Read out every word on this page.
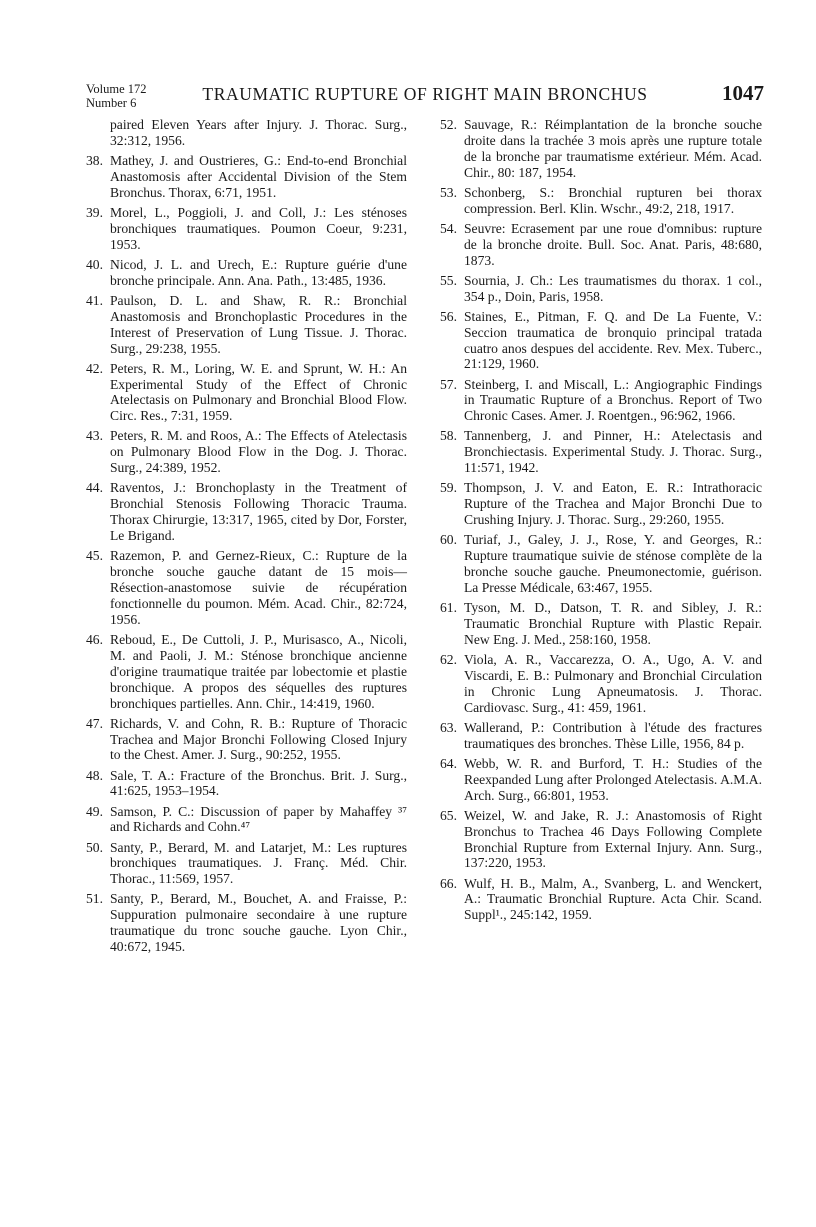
Volume 172
Number 6	TRAUMATIC RUPTURE OF RIGHT MAIN BRONCHUS	1047
paired Eleven Years after Injury. J. Thorac. Surg., 32:312, 1956.
38. Mathey, J. and Oustrieres, G.: End-to-end Bronchial Anastomosis after Accidental Division of the Stem Bronchus. Thorax, 6:71, 1951.
39. Morel, L., Poggioli, J. and Coll, J.: Les sténoses bronchiques traumatiques. Poumon Coeur, 9:231, 1953.
40. Nicod, J. L. and Urech, E.: Rupture guérie d'une bronche principale. Ann. Ana. Path., 13:485, 1936.
41. Paulson, D. L. and Shaw, R. R.: Bronchial Anastomosis and Bronchoplastic Procedures in the Interest of Preservation of Lung Tissue. J. Thorac. Surg., 29:238, 1955.
42. Peters, R. M., Loring, W. E. and Sprunt, W. H.: An Experimental Study of the Effect of Chronic Atelectasis on Pulmonary and Bronchial Blood Flow. Circ. Res., 7:31, 1959.
43. Peters, R. M. and Roos, A.: The Effects of Atelectasis on Pulmonary Blood Flow in the Dog. J. Thorac. Surg., 24:389, 1952.
44. Raventos, J.: Bronchoplasty in the Treatment of Bronchial Stenosis Following Thoracic Trauma. Thorax Chirurgie, 13:317, 1965, cited by Dor, Forster, Le Brigand.
45. Razemon, P. and Gernez-Rieux, C.: Rupture de la bronche souche gauche datant de 15 mois—Résection-anastomose suivie de récupération fonctionnelle du poumon. Mém. Acad. Chir., 82:724, 1956.
46. Reboud, E., De Cuttoli, J. P., Murisasco, A., Nicoli, M. and Paoli, J. M.: Sténose bronchique ancienne d'origine traumatique traitée par lobectomie et plastie bronchique. A propos des séquelles des ruptures bronchiques partielles. Ann. Chir., 14:419, 1960.
47. Richards, V. and Cohn, R. B.: Rupture of Thoracic Trachea and Major Bronchi Following Closed Injury to the Chest. Amer. J. Surg., 90:252, 1955.
48. Sale, T. A.: Fracture of the Bronchus. Brit. J. Surg., 41:625, 1953–1954.
49. Samson, P. C.: Discussion of paper by Mahaffey ³⁷ and Richards and Cohn.⁴⁷
50. Santy, P., Berard, M. and Latarjet, M.: Les ruptures bronchiques traumatiques. J. Franç. Méd. Chir. Thorac., 11:569, 1957.
51. Santy, P., Berard, M., Bouchet, A. and Fraisse, P.: Suppuration pulmonaire secondaire à une rupture traumatique du tronc souche gauche. Lyon Chir., 40:672, 1945.
52. Sauvage, R.: Réimplantation de la bronche souche droite dans la trachée 3 mois après une rupture totale de la bronche par traumatisme extérieur. Mém. Acad. Chir., 80: 187, 1954.
53. Schonberg, S.: Bronchial rupturen bei thorax compression. Berl. Klin. Wschr., 49:2, 218, 1917.
54. Seuvre: Ecrasement par une roue d'omnibus: rupture de la bronche droite. Bull. Soc. Anat. Paris, 48:680, 1873.
55. Sournia, J. Ch.: Les traumatismes du thorax. 1 col., 354 p., Doin, Paris, 1958.
56. Staines, E., Pitman, F. Q. and De La Fuente, V.: Seccion traumatica de bronquio principal tratada cuatro anos despues del accidente. Rev. Mex. Tuberc., 21:129, 1960.
57. Steinberg, I. and Miscall, L.: Angiographic Findings in Traumatic Rupture of a Bronchus. Report of Two Chronic Cases. Amer. J. Roentgen., 96:962, 1966.
58. Tannenberg, J. and Pinner, H.: Atelectasis and Bronchiectasis. Experimental Study. J. Thorac. Surg., 11:571, 1942.
59. Thompson, J. V. and Eaton, E. R.: Intrathoracic Rupture of the Trachea and Major Bronchi Due to Crushing Injury. J. Thorac. Surg., 29:260, 1955.
60. Turiaf, J., Galey, J. J., Rose, Y. and Georges, R.: Rupture traumatique suivie de sténose complète de la bronche souche gauche. Pneumonectomie, guérison. La Presse Médicale, 63:467, 1955.
61. Tyson, M. D., Datson, T. R. and Sibley, J. R.: Traumatic Bronchial Rupture with Plastic Repair. New Eng. J. Med., 258:160, 1958.
62. Viola, A. R., Vaccarezza, O. A., Ugo, A. V. and Viscardi, E. B.: Pulmonary and Bronchial Circulation in Chronic Lung Apneumatosis. J. Thorac. Cardiovasc. Surg., 41: 459, 1961.
63. Wallerand, P.: Contribution à l'étude des fractures traumatiques des bronches. Thèse Lille, 1956, 84 p.
64. Webb, W. R. and Burford, T. H.: Studies of the Reexpanded Lung after Prolonged Atelectasis. A.M.A. Arch. Surg., 66:801, 1953.
65. Weizel, W. and Jake, R. J.: Anastomosis of Right Bronchus to Trachea 46 Days Following Complete Bronchial Rupture from External Injury. Ann. Surg., 137:220, 1953.
66. Wulf, H. B., Malm, A., Svanberg, L. and Wenckert, A.: Traumatic Bronchial Rupture. Acta Chir. Scand. Suppl¹., 245:142, 1959.
